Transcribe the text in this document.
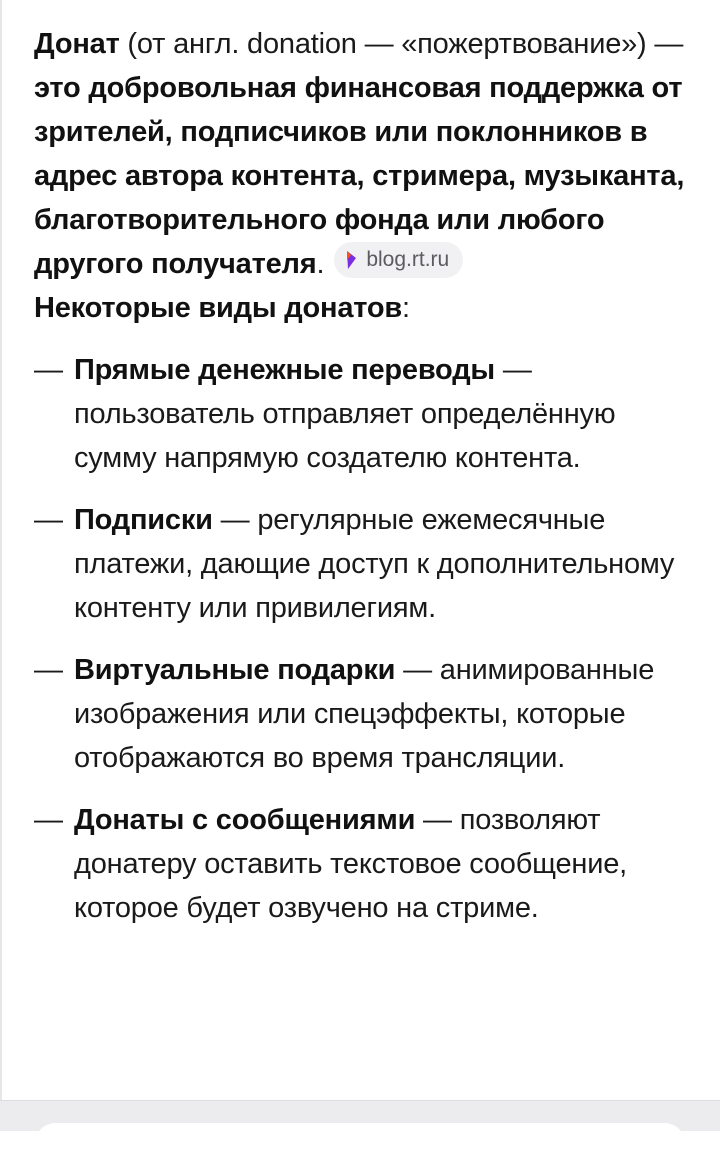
Донат (от англ. donation — «пожертвование») — это добровольная финансовая поддержка от зрителей, подписчиков или поклонников в адрес автора контента, стримера, музыканта, благотворительного фонда или любого другого получателя. blog.rt.ru

Некоторые виды донатов:

— Прямые денежные переводы — пользователь отправляет определённую сумму напрямую создателю контента.
— Подписки — регулярные ежемесячные платежи, дающие доступ к дополнительному контенту или привилегиям.
— Виртуальные подарки — анимированные изображения или спецэффекты, которые отображаются во время трансляции.
— Донаты с сообщениями — позволяют донатеру оставить текстовое сообщение, которое будет озвучено на стриме.
